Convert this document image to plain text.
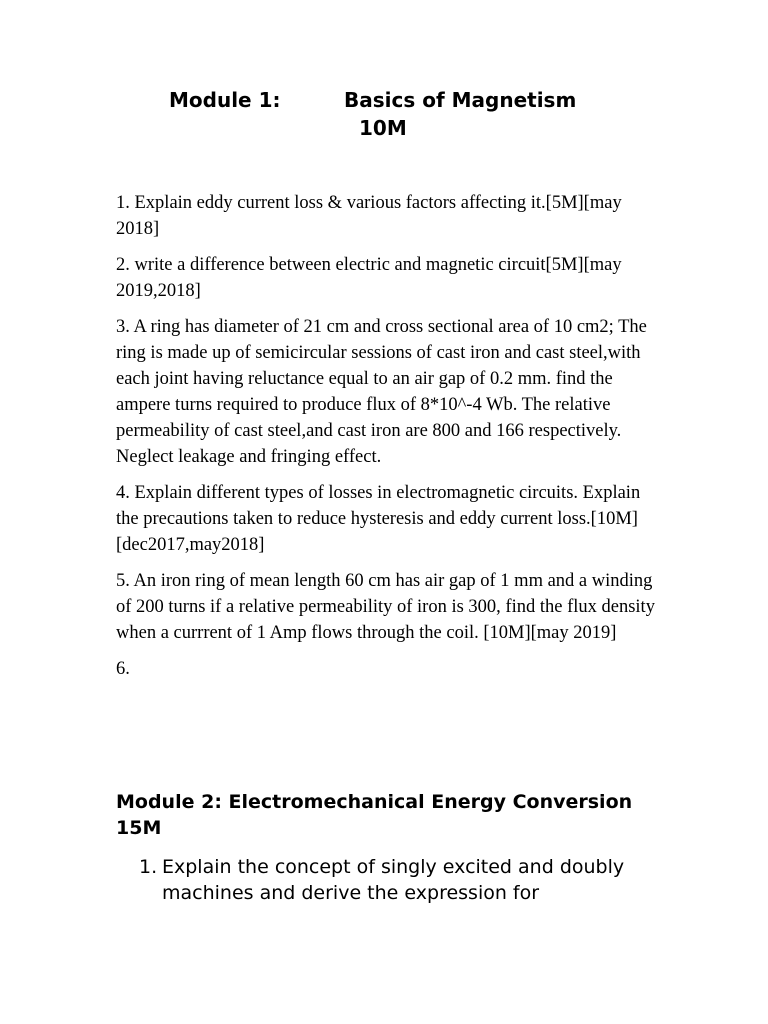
Module 1:	Basics of Magnetism
10M

1. Explain eddy current loss & various factors affecting it.[5M][may 2018]

2. write a difference between electric and magnetic circuit[5M][may 2019,2018]

3. A ring has diameter of 21 cm and cross sectional area of 10 cm2; The ring is made up of semicircular sessions of cast iron and cast steel,with each joint having reluctance equal to an air gap of 0.2 mm. find the ampere turns required to produce flux of 8*10^-4 Wb. The relative permeability of cast steel,and cast iron are 800 and 166 respectively. Neglect leakage and fringing effect.

4. Explain different types of losses in electromagnetic circuits. Explain the precautions taken to reduce hysteresis and eddy current loss.[10M][dec2017,may2018]

5. An iron ring of mean length 60 cm has air gap of 1 mm and a winding of 200 turns if a relative permeability of iron is 300, find the flux density when a currrent of 1 Amp flows through the coil. [10M][may 2019]

6.

Module 2: Electromechanical Energy Conversion 15M
1. Explain the concept of singly excited and doubly machines and derive the expression for
